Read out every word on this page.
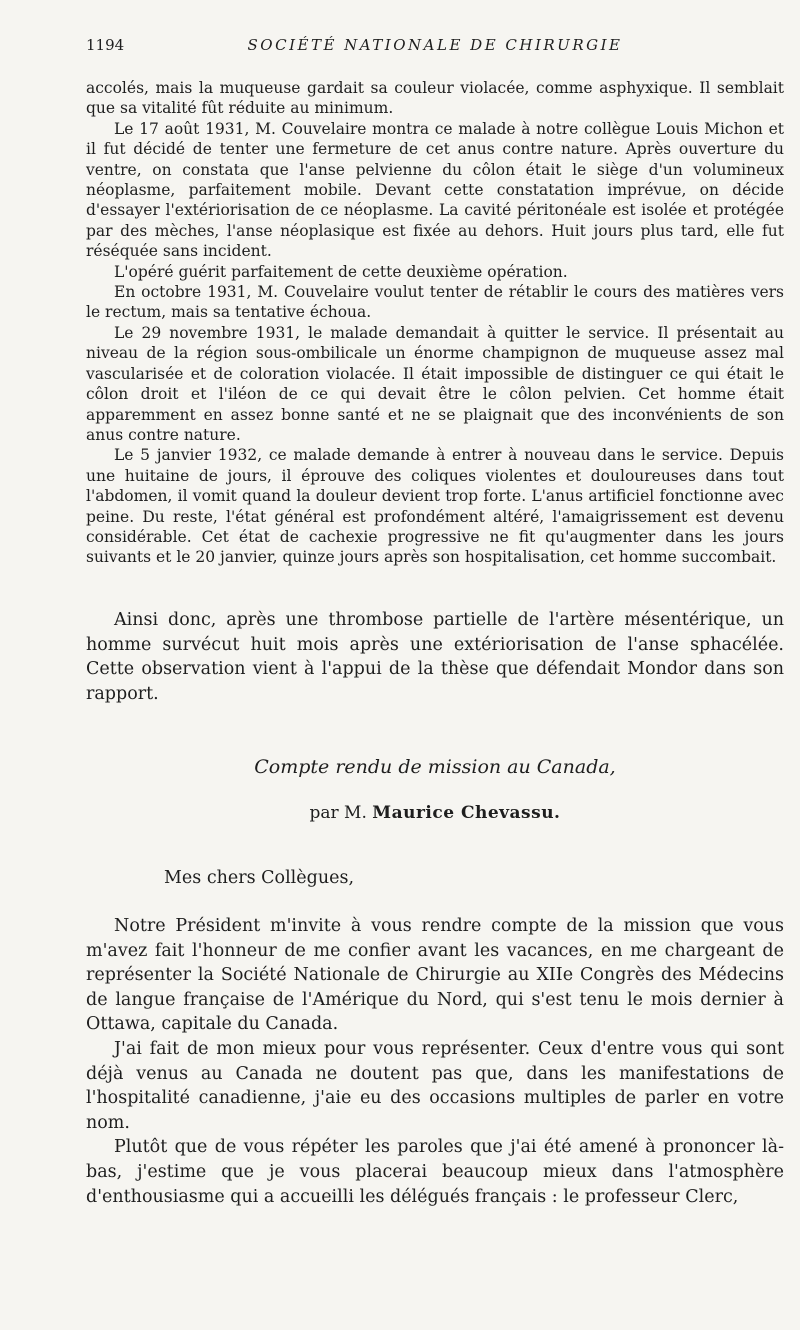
1194	SOCIÉTÉ NATIONALE DE CHIRURGIE

accolés, mais la muqueuse gardait sa couleur violacée, comme asphyxique. Il semblait que sa vitalité fût réduite au minimum.

Le 17 août 1931, M. Couvelaire montra ce malade à notre collègue Louis Michon et il fut décidé de tenter une fermeture de cet anus contre nature. Après ouverture du ventre, on constata que l'anse pelvienne du côlon était le siège d'un volumineux néoplasme, parfaitement mobile. Devant cette constatation imprévue, on décide d'essayer l'extériorisation de ce néoplasme. La cavité péritonéale est isolée et protégée par des mèches, l'anse néoplasique est fixée au dehors. Huit jours plus tard, elle fut réséquée sans incident.

L'opéré guérit parfaitement de cette deuxième opération.

En octobre 1931, M. Couvelaire voulut tenter de rétablir le cours des matières vers le rectum, mais sa tentative échoua.

Le 29 novembre 1931, le malade demandait à quitter le service. Il présentait au niveau de la région sous-ombilicale un énorme champignon de muqueuse assez mal vascularisée et de coloration violacée. Il était impossible de distinguer ce qui était le côlon droit et l'iléon de ce qui devait être le côlon pelvien. Cet homme était apparemment en assez bonne santé et ne se plaignait que des inconvénients de son anus contre nature.

Le 5 janvier 1932, ce malade demande à entrer à nouveau dans le service. Depuis une huitaine de jours, il éprouve des coliques violentes et douloureuses dans tout l'abdomen, il vomit quand la douleur devient trop forte. L'anus artificiel fonctionne avec peine. Du reste, l'état général est profondément altéré, l'amaigrissement est devenu considérable. Cet état de cachexie progressive ne fit qu'augmenter dans les jours suivants et le 20 janvier, quinze jours après son hospitalisation, cet homme succombait.

Ainsi donc, après une thrombose partielle de l'artère mésentérique, un homme survécut huit mois après une extériorisation de l'anse sphacélée. Cette observation vient à l'appui de la thèse que défendait Mondor dans son rapport.

Compte rendu de mission au Canada,
par M. Maurice Chevassu.
Mes chers Collègues,

Notre Président m'invite à vous rendre compte de la mission que vous m'avez fait l'honneur de me confier avant les vacances, en me chargeant de représenter la Société Nationale de Chirurgie au XIIe Congrès des Médecins de langue française de l'Amérique du Nord, qui s'est tenu le mois dernier à Ottawa, capitale du Canada.

J'ai fait de mon mieux pour vous représenter. Ceux d'entre vous qui sont déjà venus au Canada ne doutent pas que, dans les manifestations de l'hospitalité canadienne, j'aie eu des occasions multiples de parler en votre nom.

Plutôt que de vous répéter les paroles que j'ai été amené à prononcer là-bas, j'estime que je vous placerai beaucoup mieux dans l'atmosphère d'enthousiasme qui a accueilli les délégués français : le professeur Clerc,
